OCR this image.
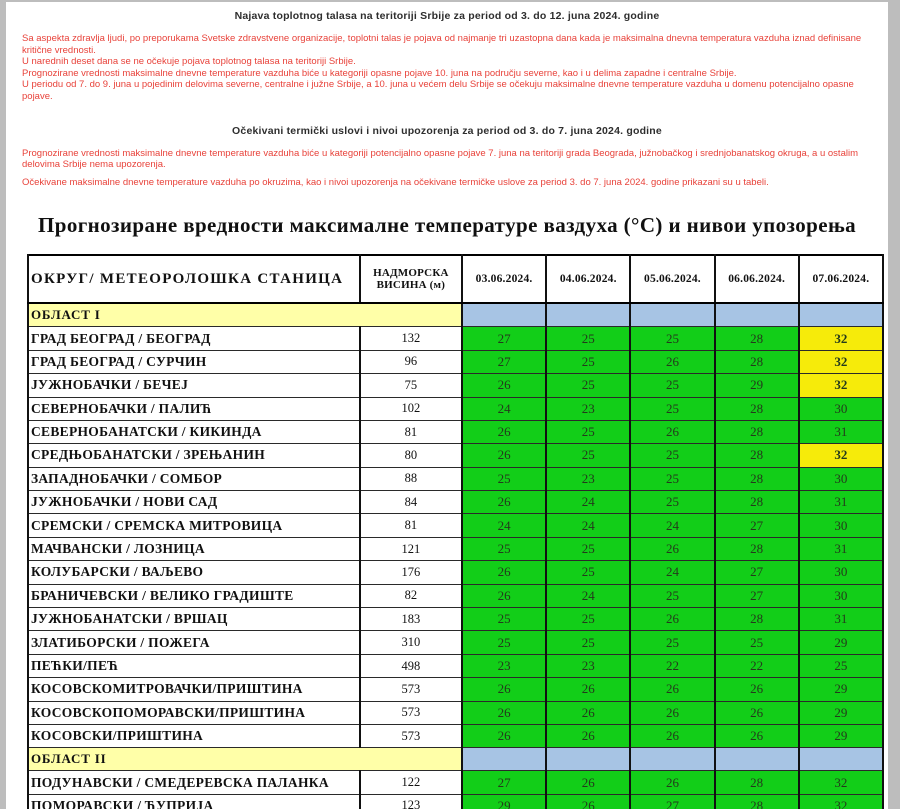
Najava toplotnog talasa na teritoriji Srbije za period od 3. do 12. juna 2024. godine

Sa aspekta zdravlja ljudi, po preporukama Svetske zdravstvene organizacije, toplotni talas je pojava od najmanje tri uzastopna dana kada je maksimalna dnevna temperatura vazduha iznad definisane kritične vrednosti.

U narednih deset dana se ne očekuje pojava toplotnog talasa na teritoriji Srbije.

Prognozirane vrednosti maksimalne dnevne temperature vazduha biće u kategoriji opasne pojave 10. juna na području severne, kao i u delima zapadne i centralne Srbije.

U periodu od 7. do 9. juna u pojedinim delovima severne, centralne i južne Srbije, a 10. juna u većem delu Srbije se očekuju maksimalne dnevne temperature vazduha u domenu potencijalno opasne pojave.

Očekivani termički uslovi i nivoi upozorenja za period od 3. do 7. juna 2024. godine

Prognozirane vrednosti maksimalne dnevne temperature vazduha biće u kategoriji potencijalno opasne pojave 7. juna na teritoriji grada Beograda, južnobačkog i srednjobanatskog okruga, a u ostalim delovima Srbije nema upozorenja.

Očekivane maksimalne dnevne temperature vazduha po okruzima, kao i nivoi upozorenja na očekivane termičke uslove za period 3. do 7. juna 2024. godine prikazani su u tabeli.

Прогнозиране вредности максималне температуре ваздуха (°С) и нивои упозорења
ОКРУГ/ МЕТЕОРОЛОШКА СТАНИЦА	НАДМОРСКА
ВИСИНА (м)	03.06.2024.	04.06.2024.	05.06.2024.	06.06.2024.	07.06.2024.
ОБЛАСТ I						
ГРАД БЕОГРАД / БЕОГРАД	132	27	25	25	28	32
ГРАД БЕОГРАД / СУРЧИН	96	27	25	26	28	32
ЈУЖНОБАЧКИ / БЕЧЕЈ	75	26	25	25	29	32
СЕВЕРНОБАЧКИ / ПАЛИЋ	102	24	23	25	28	30
СЕВЕРНОБАНАТСКИ / КИКИНДА	81	26	25	26	28	31
СРЕДЊОБАНАТСКИ / ЗРЕЊАНИН	80	26	25	25	28	32
ЗАПАДНОБАЧКИ / СОМБОР	88	25	23	25	28	30
ЈУЖНОБАЧКИ / НОВИ САД	84	26	24	25	28	31
СРЕМСКИ / СРЕМСКА МИТРОВИЦА	81	24	24	24	27	30
МАЧВАНСКИ / ЛОЗНИЦА	121	25	25	26	28	31
КОЛУБАРСКИ / ВАЉЕВО	176	26	25	24	27	30
БРАНИЧЕВСКИ / ВЕЛИКО ГРАДИШТЕ	82	26	24	25	27	30
ЈУЖНОБАНАТСКИ / ВРШАЦ	183	25	25	26	28	31
ЗЛАТИБОРСКИ / ПОЖЕГА	310	25	25	25	25	29
ПЕЋКИ/ПЕЋ	498	23	23	22	22	25
КОСОВСКОМИТРОВАЧКИ/ПРИШТИНА	573	26	26	26	26	29
КОСОВСКОПОМОРАВСКИ/ПРИШТИНА	573	26	26	26	26	29
КОСОВСКИ/ПРИШТИНА	573	26	26	26	26	29
ОБЛАСТ II						
ПОДУНАВСКИ / СМЕДЕРЕВСКА ПАЛАНКА	122	27	26	26	28	32
ПОМОРАВСКИ / ЋУПРИЈА	123	29	26	27	28	32
